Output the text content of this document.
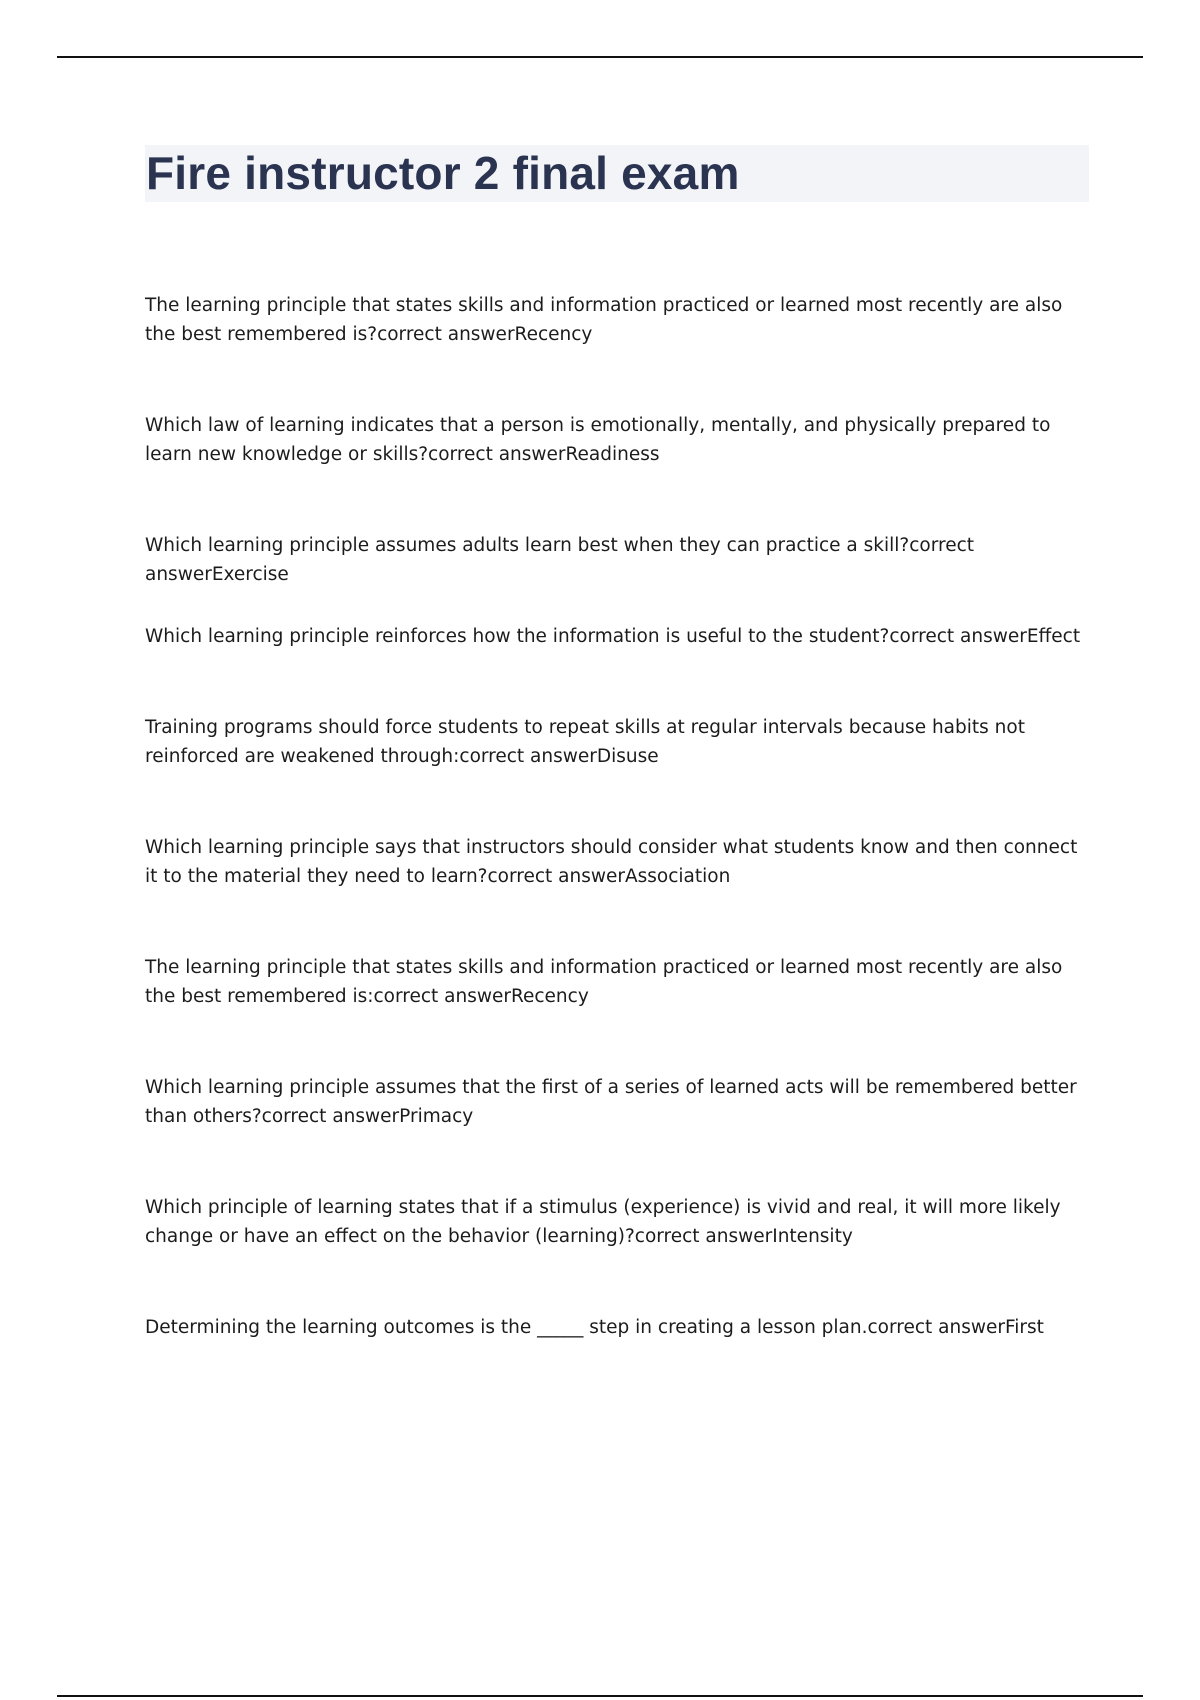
Fire instructor 2 final exam
The learning principle that states skills and information practiced or learned most recently are also the best remembered is?correct answerRecency
Which law of learning indicates that a person is emotionally, mentally, and physically prepared to learn new knowledge or skills?correct answerReadiness
Which learning principle assumes adults learn best when they can practice a skill?correct answerExercise
Which learning principle reinforces how the information is useful to the student?correct answerEffect
Training programs should force students to repeat skills at regular intervals because habits not reinforced are weakened through:correct answerDisuse
Which learning principle says that instructors should consider what students know and then connect it to the material they need to learn?correct answerAssociation
The learning principle that states skills and information practiced or learned most recently are also the best remembered is:correct answerRecency
Which learning principle assumes that the first of a series of learned acts will be remembered better than others?correct answerPrimacy
Which principle of learning states that if a stimulus (experience) is vivid and real, it will more likely change or have an effect on the behavior (learning)?correct answerIntensity
Determining the learning outcomes is the _____ step in creating a lesson plan.correct answerFirst
